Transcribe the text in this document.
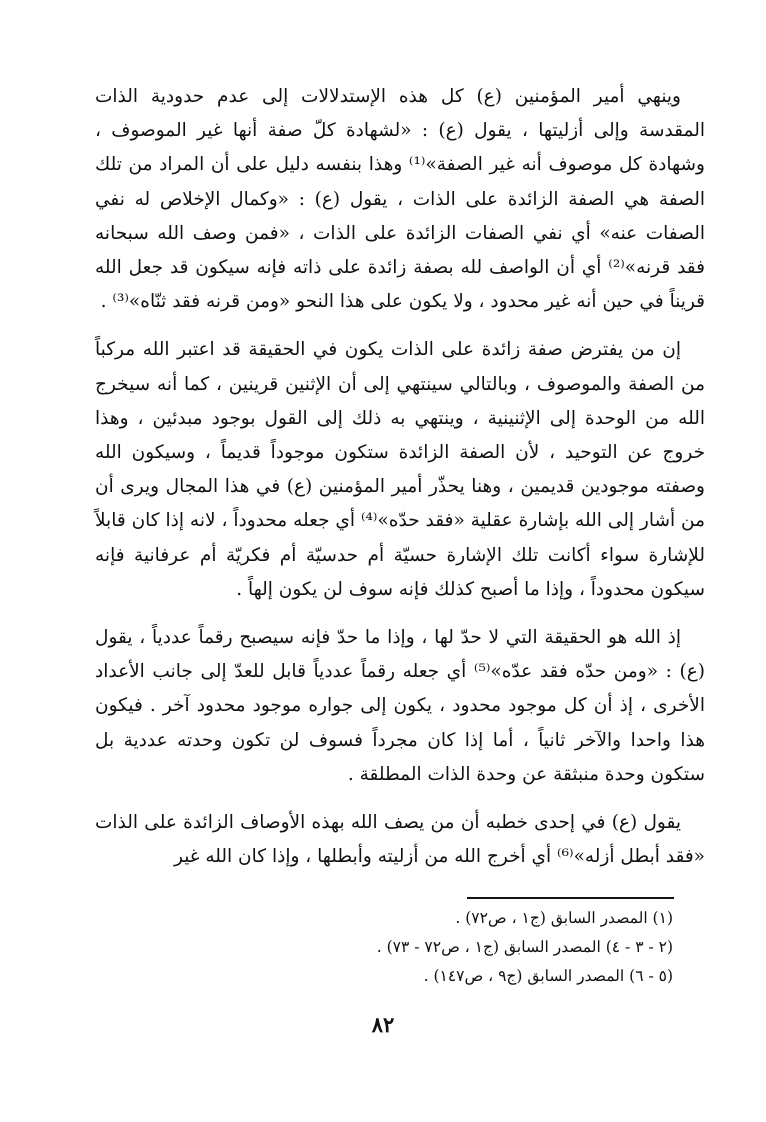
وينهي أمير المؤمنين (ع) كل هذه الإستدلالات إلى عدم حدودية الذات المقدسة وإلى أزليتها ، يقول (ع) : «لشهادة كلّ صفة أنها غير الموصوف ، وشهادة كل موصوف أنه غير الصفة»⁽¹⁾ وهذا بنفسه دليل على أن المراد من تلك الصفة هي الصفة الزائدة على الذات ، يقول (ع) : «وكمال الإخلاص له نفي الصفات عنه» أي نفي الصفات الزائدة على الذات ، «فمن وصف الله سبحانه فقد قرنه»⁽²⁾ أي أن الواصف لله بصفة زائدة على ذاته فإنه سيكون قد جعل الله قريناً في حين أنه غير محدود ، ولا يكون على هذا النحو «ومن قرنه فقد ثنّاه»⁽³⁾ .

إن من يفترض صفة زائدة على الذات يكون في الحقيقة قد اعتبر الله مركباً من الصفة والموصوف ، وبالتالي سينتهي إلى أن الإثنين قرينين ، كما أنه سيخرج الله من الوحدة إلى الإثنينية ، وينتهي به ذلك إلى القول بوجود مبدئين ، وهذا خروج عن التوحيد ، لأن الصفة الزائدة ستكون موجوداً قديماً ، وسيكون الله وصفته موجودين قديمين ، وهنا يحذّر أمير المؤمنين (ع) في هذا المجال ويرى أن من أشار إلى الله بإشارة عقلية «فقد حدّه»⁽⁴⁾ أي جعله محدوداً ، لانه إذا كان قابلاً للإشارة سواء أكانت تلك الإشارة حسيّة أم حدسيّة أم فكريّة أم عرفانية فإنه سيكون محدوداً ، وإذا ما أصبح كذلك فإنه سوف لن يكون إلهاً .

إذ الله هو الحقيقة التي لا حدّ لها ، وإذا ما حدّ فإنه سيصبح رقماً عددياً ، يقول (ع) : «ومن حدّه فقد عدّه»⁽⁵⁾ أي جعله رقماً عددياً قابل للعدّ إلى جانب الأعداد الأخرى ، إذ أن كل موجود محدود ، يكون إلى جواره موجود محدود آخر . فيكون هذا واحدا والآخر ثانياً ، أما إذا كان مجرداً فسوف لن تكون وحدته عددية بل ستكون وحدة منبثقة عن وحدة الذات المطلقة .

يقول (ع) في إحدى خطبه أن من يصف الله بهذه الأوصاف الزائدة على الذات «فقد أبطل أزله»⁽⁶⁾ أي أخرج الله من أزليته وأبطلها ، وإذا كان الله غير

(١) المصدر السابق (ج١ ، ص٧٢) .
(٢ - ٣ - ٤) المصدر السابق (ج١ ، ص٧٢ - ٧٣) .
(٥ - ٦) المصدر السابق (ج٩ ، ص١٤٧) .
٨٢
